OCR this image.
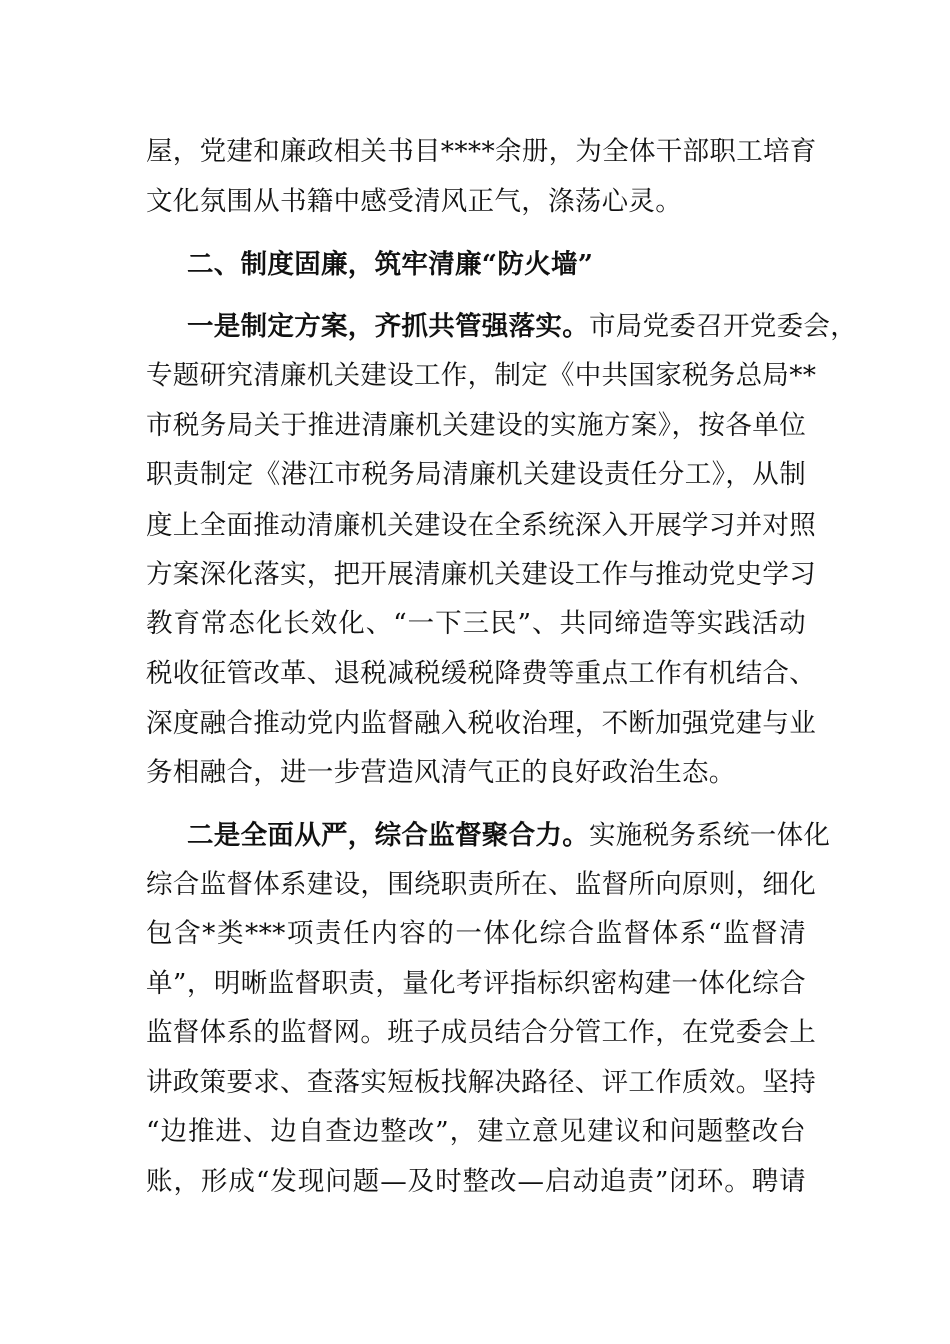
屋，党建和廉政相关书目****余册，为全体干部职工培育
文化氛围从书籍中感受清风正气，涤荡心灵。
二、制度固廉，筑牢清廉“防火墙”
一是制定方案，齐抓共管强落实。市局党委召开党委会，
专题研究清廉机关建设工作，制定《中共国家税务总局**
市税务局关于推进清廉机关建设的实施方案》，按各单位
职责制定《港江市税务局清廉机关建设责任分工》，从制
度上全面推动清廉机关建设在全系统深入开展学习并对照
方案深化落实，把开展清廉机关建设工作与推动党史学习
教育常态化长效化、“一下三民”、共同缔造等实践活动
税收征管改革、退税减税缓税降费等重点工作有机结合、
深度融合推动党内监督融入税收治理，不断加强党建与业
务相融合，进一步营造风清气正的良好政治生态。
二是全面从严，综合监督聚合力。实施税务系统一体化
综合监督体系建设，围绕职责所在、监督所向原则，细化
包含*类***项责任内容的一体化综合监督体系“监督清
单”，明晰监督职责，量化考评指标织密构建一体化综合
监督体系的监督网。班子成员结合分管工作，在党委会上
讲政策要求、查落实短板找解决路径、评工作质效。坚持
“边推进、边自查边整改”，建立意见建议和问题整改台
账，形成“发现问题—及时整改—启动追责”闭环。聘请
